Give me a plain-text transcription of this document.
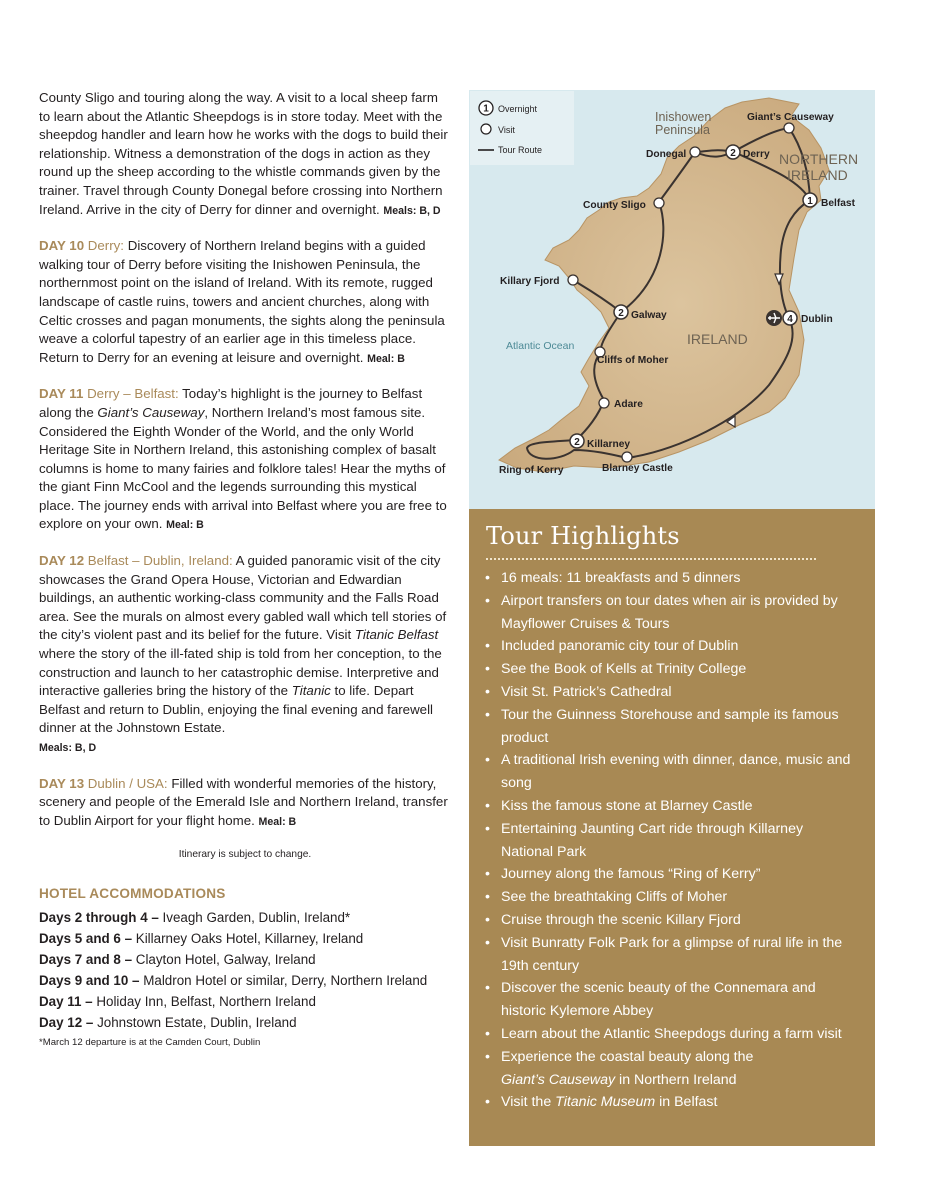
County Sligo and touring along the way. A visit to a local sheep farm to learn about the Atlantic Sheepdogs is in store today. Meet with the sheepdog handler and learn how he works with the dogs to build their relationship. Witness a demonstration of the dogs in action as they round up the sheep according to the whistle commands given by the trainer. Travel through County Donegal before crossing into Northern Ireland. Arrive in the city of Derry for dinner and overnight. Meals: B, D

DAY 10 Derry: Discovery of Northern Ireland begins with a guided walking tour of Derry before visiting the Inishowen Peninsula, the northernmost point on the island of Ireland. With its remote, rugged landscape of castle ruins, towers and ancient churches, along with Celtic crosses and pagan monuments, the sights along the peninsula weave a colorful tapestry of an earlier age in this timeless place. Return to Derry for an evening at leisure and overnight. Meal: B

DAY 11 Derry – Belfast: Today’s highlight is the journey to Belfast along the Giant’s Causeway, Northern Ireland’s most famous site. Considered the Eighth Wonder of the World, and the only World Heritage Site in Northern Ireland, this astonishing complex of basalt columns is home to many fairies and folklore tales! Hear the myths of the giant Finn McCool and the legends surrounding this mystical place. The journey ends with arrival into Belfast where you are free to explore on your own. Meal: B

DAY 12 Belfast – Dublin, Ireland: A guided panoramic visit of the city showcases the Grand Opera House, Victorian and Edwardian buildings, an authentic working-class community and the Falls Road area. See the murals on almost every gabled wall which tell stories of the city’s violent past and its belief for the future. Visit Titanic Belfast where the story of the ill-fated ship is told from her conception, to the construction and launch to her catastrophic demise. Interpretive and interactive galleries bring the history of the Titanic to life. Depart Belfast and return to Dublin, enjoying the final evening and farewell dinner at the Johnstown Estate.
Meals: B, D

DAY 13 Dublin / USA: Filled with wonderful memories of the history, scenery and people of the Emerald Isle and Northern Ireland, transfer to Dublin Airport for your flight home. Meal: B

Itinerary is subject to change.

HOTEL ACCOMMODATIONS

Days 2 through 4 – Iveagh Garden, Dublin, Ireland*

Days 5 and 6 – Killarney Oaks Hotel, Killarney, Ireland

Days 7 and 8 – Clayton Hotel, Galway, Ireland

Days 9 and 10 – Maldron Hotel or similar, Derry, Northern Ireland

Day 11 – Holiday Inn, Belfast, Northern Ireland

Day 12 – Johnstown Estate, Dublin, Ireland

*March 12 departure is at the Camden Court, Dublin

1 Overnight
Visit
Tour Route
Inishowen
Peninsula
NORTHERN
IRELAND
IRELAND
Atlantic Ocean
Giant’s Causeway
Donegal	2 Derry
1 Belfast
County Sligo
Killary Fjord
2 Galway	4 Dublin
Cliffs of Moher
Adare
2 Killarney
Ring of Kerry	Blarney Castle
Tour Highlights
• 16 meals: 11 breakfasts and 5 dinners
• Airport transfers on tour dates when air is provided by Mayflower Cruises & Tours
• Included panoramic city tour of Dublin
• See the Book of Kells at Trinity College
• Visit St. Patrick’s Cathedral
• Tour the Guinness Storehouse and sample its famous product
• A traditional Irish evening with dinner, dance, music and song
• Kiss the famous stone at Blarney Castle
• Entertaining Jaunting Cart ride through Killarney National Park
• Journey along the famous “Ring of Kerry”
• See the breathtaking Cliffs of Moher
• Cruise through the scenic Killary Fjord
• Visit Bunratty Folk Park for a glimpse of rural life in the 19th century
• Discover the scenic beauty of the Connemara and historic Kylemore Abbey
• Learn about the Atlantic Sheepdogs during a farm visit
• Experience the coastal beauty along the
Giant’s Causeway in Northern Ireland
• Visit the Titanic Museum in Belfast
